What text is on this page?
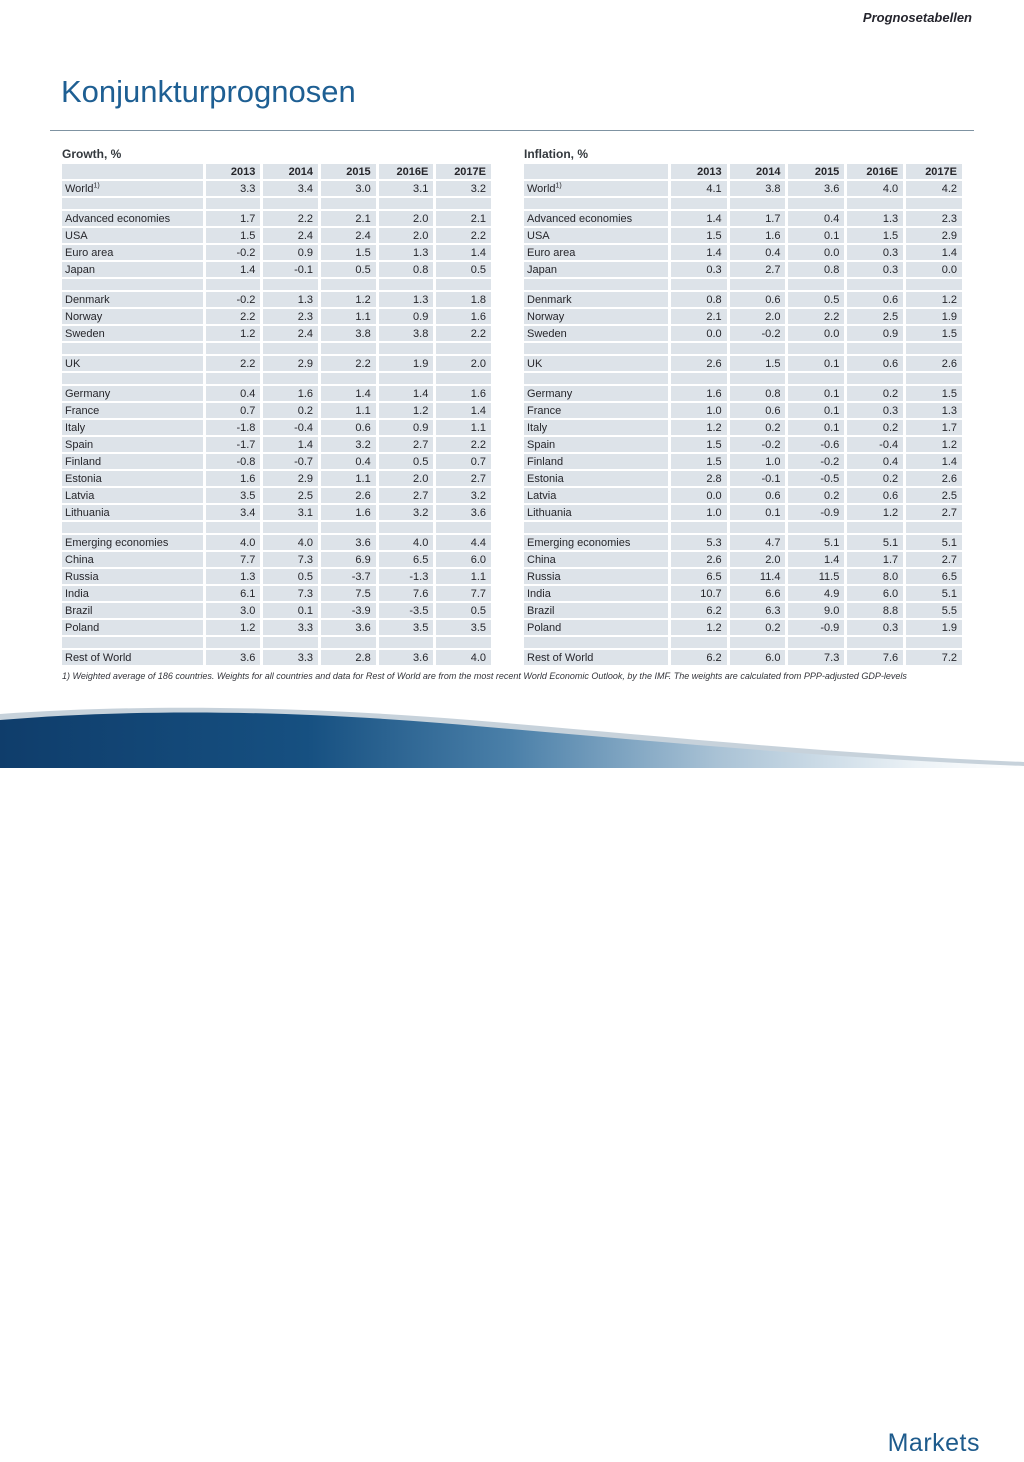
Prognosetabellen
Konjunkturprognosen
Growth, %
	2013	2014	2015	2016E	2017E
World$^{1)}$	3.3	3.4	3.0	3.1	3.2

Advanced economies	1.7	2.2	2.1	2.0	2.1
USA	1.5	2.4	2.4	2.0	2.2
Euro area	-0.2	0.9	1.5	1.3	1.4
Japan	1.4	-0.1	0.5	0.8	0.5

Denmark	-0.2	1.3	1.2	1.3	1.8
Norway	2.2	2.3	1.1	0.9	1.6
Sweden	1.2	2.4	3.8	3.8	2.2

UK	2.2	2.9	2.2	1.9	2.0

Germany	0.4	1.6	1.4	1.4	1.6
France	0.7	0.2	1.1	1.2	1.4
Italy	-1.8	-0.4	0.6	0.9	1.1
Spain	-1.7	1.4	3.2	2.7	2.2
Finland	-0.8	-0.7	0.4	0.5	0.7
Estonia	1.6	2.9	1.1	2.0	2.7
Latvia	3.5	2.5	2.6	2.7	3.2
Lithuania	3.4	3.1	1.6	3.2	3.6

Emerging economies	4.0	4.0	3.6	4.0	4.4
China	7.7	7.3	6.9	6.5	6.0
Russia	1.3	0.5	-3.7	-1.3	1.1
India	6.1	7.3	7.5	7.6	7.7
Brazil	3.0	0.1	-3.9	-3.5	0.5
Poland	1.2	3.3	3.6	3.5	3.5

Rest of World	3.6	3.3	2.8	3.6	4.0
Inflation, %
	2013	2014	2015	2016E	2017E
World$^{1)}$	4.1	3.8	3.6	4.0	4.2

Advanced economies	1.4	1.7	0.4	1.3	2.3
USA	1.5	1.6	0.1	1.5	2.9
Euro area	1.4	0.4	0.0	0.3	1.4
Japan	0.3	2.7	0.8	0.3	0.0

Denmark	0.8	0.6	0.5	0.6	1.2
Norway	2.1	2.0	2.2	2.5	1.9
Sweden	0.0	-0.2	0.0	0.9	1.5

UK	2.6	1.5	0.1	0.6	2.6

Germany	1.6	0.8	0.1	0.2	1.5
France	1.0	0.6	0.1	0.3	1.3
Italy	1.2	0.2	0.1	0.2	1.7
Spain	1.5	-0.2	-0.6	-0.4	1.2
Finland	1.5	1.0	-0.2	0.4	1.4
Estonia	2.8	-0.1	-0.5	0.2	2.6
Latvia	0.0	0.6	0.2	0.6	2.5
Lithuania	1.0	0.1	-0.9	1.2	2.7

Emerging economies	5.3	4.7	5.1	5.1	5.1
China	2.6	2.0	1.4	1.7	2.7
Russia	6.5	11.4	11.5	8.0	6.5
India	10.7	6.6	4.9	6.0	5.1
Brazil	6.2	6.3	9.0	8.8	5.5
Poland	1.2	0.2	-0.9	0.3	1.9

Rest of World	6.2	6.0	7.3	7.6	7.2
1) Weighted average of 186 countries. Weights for all countries and data for Rest of World are from the most recent World Economic Outlook, by the IMF. The weights are calculated from PPP-adjusted GDP-levels
Nordea	4	Markets
